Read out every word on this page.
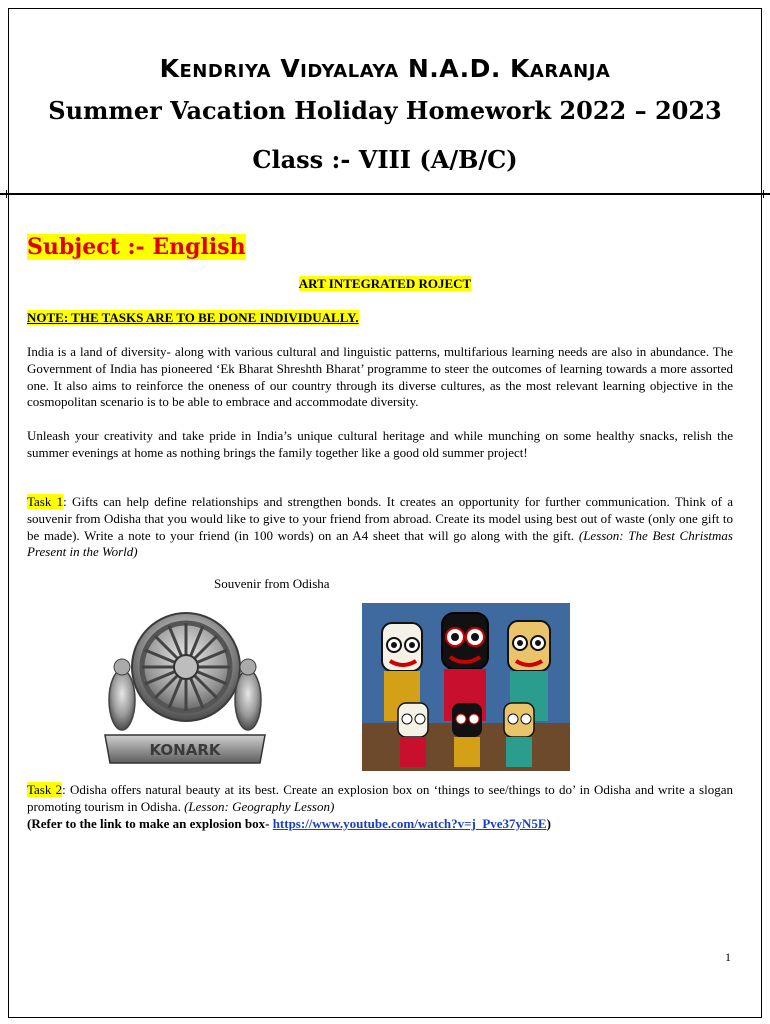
Kendriya Vidyalaya N.A.D. Karanja
Summer Vacation Holiday Homework 2022 – 2023
Class :- VIII (A/B/C)
Subject :- English
ART INTEGRATED ROJECT
NOTE: THE TASKS ARE TO BE DONE INDIVIDUALLY.

India is a land of diversity- along with various cultural and linguistic patterns, multifarious learning needs are also in abundance. The Government of India has pioneered ‘Ek Bharat Shreshth Bharat’ programme to steer the outcomes of learning towards a more assorted one. It also aims to reinforce the oneness of our country through its diverse cultures, as the most relevant learning objective in the cosmopolitan scenario is to be able to embrace and accommodate diversity.

Unleash your creativity and take pride in India’s unique cultural heritage and while munching on some healthy snacks, relish the summer evenings at home as nothing brings the family together like a good old summer project!

Task 1: Gifts can help define relationships and strengthen bonds. It creates an opportunity for further communication. Think of a souvenir from Odisha that you would like to give to your friend from abroad. Create its model using best out of waste (only one gift to be made). Write a note to your friend (in 100 words) on an A4 sheet that will go along with the gift. (Lesson: The Best Christmas Present in the World)

Souvenir from Odisha
KONARK

Task 2: Odisha offers natural beauty at its best. Create an explosion box on ‘things to see/things to do’ in Odisha and write a slogan promoting tourism in Odisha. (Lesson: Geography Lesson)

(Refer to the link to make an explosion box- https://www.youtube.com/watch?v=j_Pve37yN5E)
1
